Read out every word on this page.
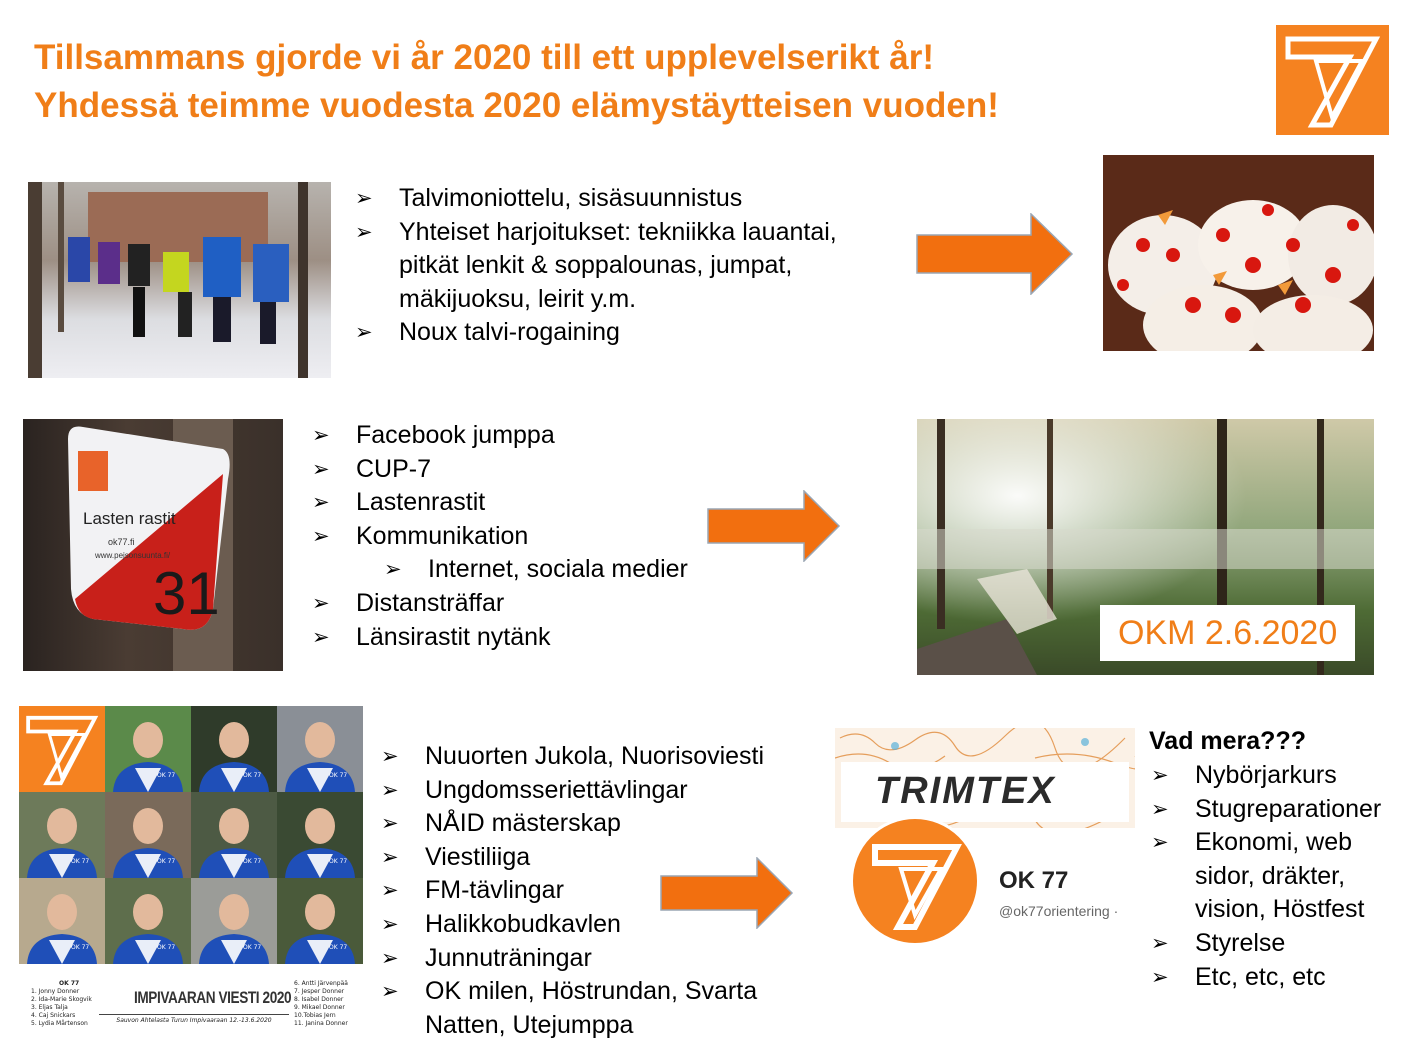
Tillsammans gjorde vi år 2020 till ett upplevelserikt år!
Yhdessä teimme vuodesta 2020 elämystäytteisen vuoden!
➢ Talvimoniottelu, sisäsuunnistus
➢ Yhteiset harjoitukset: tekniikka lauantai, pitkät lenkit & soppalounas, jumpat, mäkijuoksu, leirit y.m.
➢ Noux talvi-rogaining
Lasten rastit
ok77.fi
www.pejsonsuunta.fi/
31
➢ Facebook jumppa
➢ CUP-7
➢ Lastenrastit
➢ Kommunikation
➢ Internet, sociala medier
➢ Distansträffar
➢ Länsirastit nytänk	OKM 2.6.2020
OK 77	OK 77	OK 77
OK 77	OK 77	OK 77	OK 77
OK 77	OK 77	OK 77	OK 77
OK 77
1. Jonny Donner
2. Ida-Marie Skogvik
3. Eljas Talja
4. Caj Snickars
5. Lydia Mårtenson
IMPIVAARAN VIESTI 2020
Sauvon Ahtelasta Turun Impivaaraan 12.-13.6.2020
6. Antti Järvenpää
7. Jesper Donner
8. Isabel Donner
9. Mikael Donner
10.Tobias Jern
11. Janina Donner
➢ Nuuorten Jukola, Nuorisoviesti
➢ Ungdomsseriettävlingar
➢ NÅID mästerskap
➢ Viestiliiga
➢ FM-tävlingar
➢ Halikkobudkavlen
➢ Junnuträningar
➢ OK milen, Höstrundan, Svarta Natten, Utejumppa
TRIMTEX
OK 77
@ok77orientering ·
Vad mera???
➢ Nybörjarkurs
➢ Stugreparationer
➢ Ekonomi, web sidor, dräkter, vision, Höstfest
➢ Styrelse
➢ Etc, etc, etc
